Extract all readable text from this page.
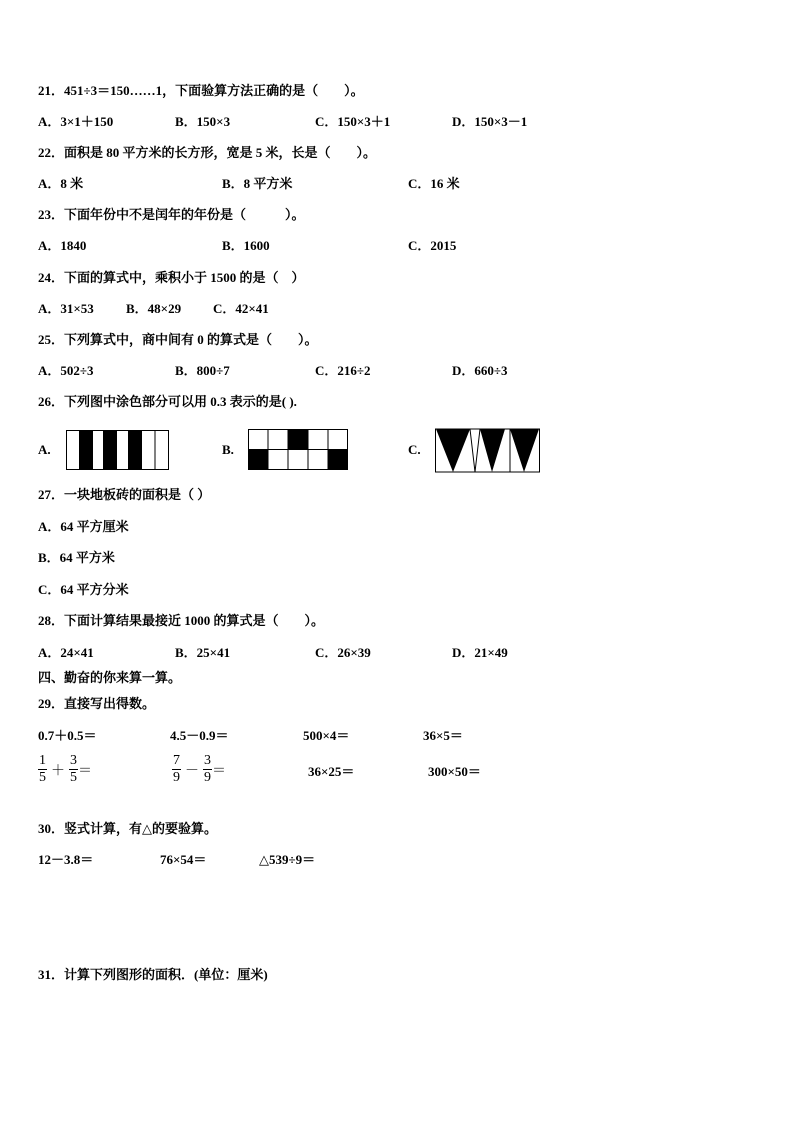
21．451÷3＝150……1，下面验算方法正确的是（　　）。
A．3×1＋150	B．150×3	C．150×3＋1	D．150×3－1
22．面积是 80 平方米的长方形，宽是 5 米，长是（　　）。
A．8 米	B．8 平方米	C．16 米
23．下面年份中不是闰年的年份是（　　　）。
A．1840	B．1600	C．2015
24．下面的算式中，乘积小于 1500 的是（　）
A．31×53 B．48×29 C．42×41
25．下列算式中，商中间有 0 的算式是（　　）。
A．502÷3	B．800÷7	C．216÷2	D．660÷3
26．下列图中涂色部分可以用 0.3 表示的是( ).
A.	B.	C.
27．一块地板砖的面积是（ ）
A．64 平方厘米
B．64 平方米
C．64 平方分米
28．下面计算结果最接近 1000 的算式是（　　）。
A．24×41	B．25×41	C．26×39	D．21×49
四、勤奋的你来算一算。
29．直接写出得数。
0.7＋0.5＝	4.5－0.9＝	500×4＝	36×5＝
$\frac{1}{5} + \frac{3}{5}$ ＝	$\frac{7}{9} - \frac{3}{9}$ ＝	36×25＝	300×50＝
30．竖式计算，有△的要验算。
12－3.8＝	76×54＝	△539÷9＝
31．计算下列图形的面积．(单位：厘米)
